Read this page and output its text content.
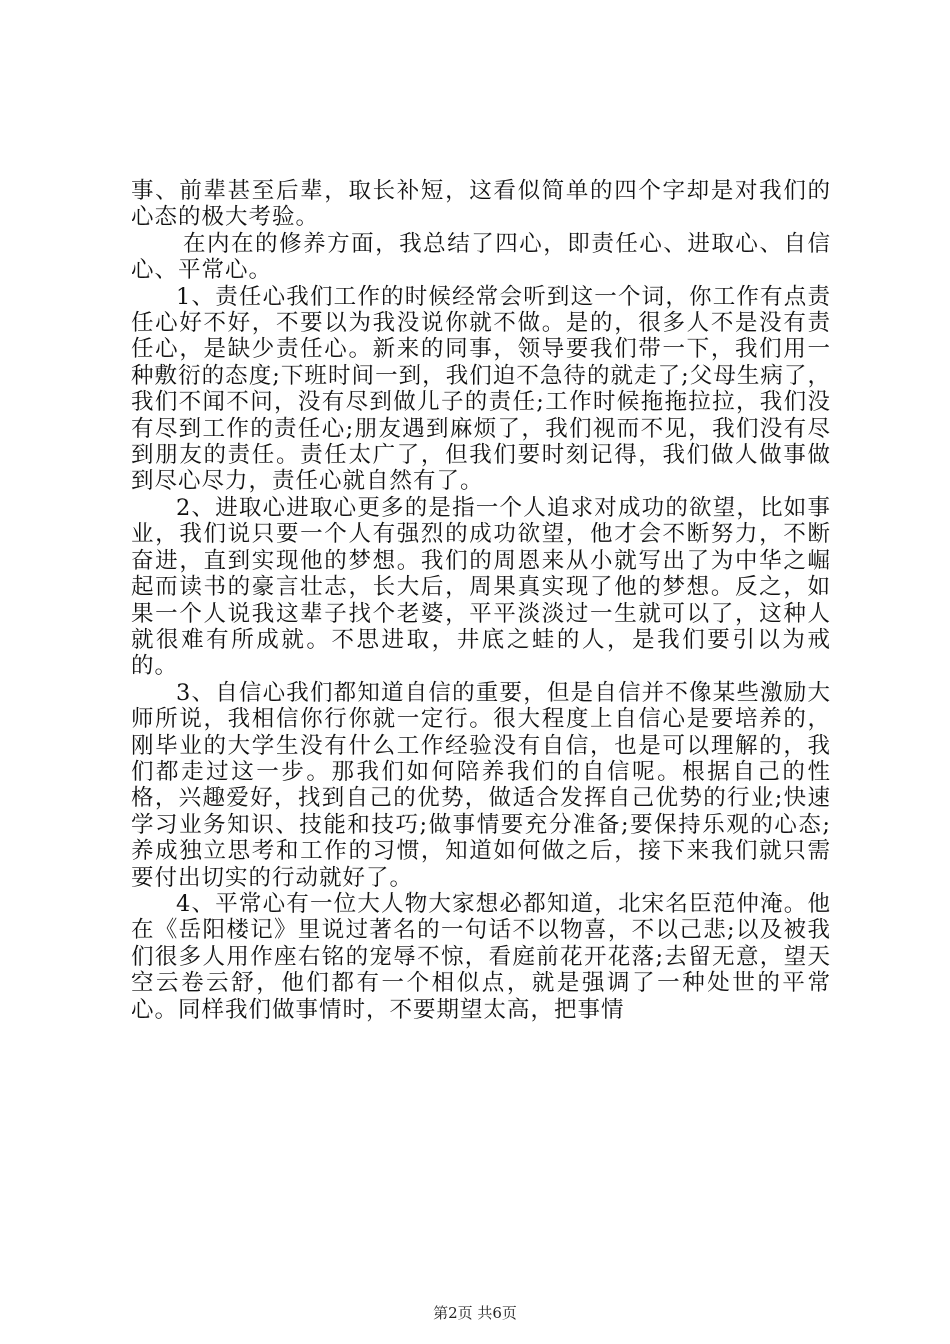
事、前辈甚至后辈，取长补短，这看似简单的四个字却是对我们的心态的极大考验。

在内在的修养方面，我总结了四心，即责任心、进取心、自信心、平常心。

1、责任心我们工作的时候经常会听到这一个词，你工作有点责任心好不好，不要以为我没说你就不做。是的，很多人不是没有责任心，是缺少责任心。新来的同事，领导要我们带一下，我们用一种敷衍的态度;下班时间一到，我们迫不急待的就走了;父母生病了，我们不闻不问，没有尽到做儿子的责任;工作时候拖拖拉拉，我们没有尽到工作的责任心;朋友遇到麻烦了，我们视而不见，我们没有尽到朋友的责任。责任太广了，但我们要时刻记得，我们做人做事做到尽心尽力，责任心就自然有了。

2、进取心进取心更多的是指一个人追求对成功的欲望，比如事业，我们说只要一个人有强烈的成功欲望，他才会不断努力，不断奋进，直到实现他的梦想。我们的周恩来从小就写出了为中华之崛起而读书的豪言壮志，长大后，周果真实现了他的梦想。反之，如果一个人说我这辈子找个老婆，平平淡淡过一生就可以了，这种人就很难有所成就。不思进取，井底之蛙的人，是我们要引以为戒的。

3、自信心我们都知道自信的重要，但是自信并不像某些激励大师所说，我相信你行你就一定行。很大程度上自信心是要培养的，刚毕业的大学生没有什么工作经验没有自信，也是可以理解的，我们都走过这一步。那我们如何陪养我们的自信呢。根据自己的性格，兴趣爱好，找到自己的优势，做适合发挥自己优势的行业;快速学习业务知识、技能和技巧;做事情要充分准备;要保持乐观的心态;养成独立思考和工作的习惯，知道如何做之后，接下来我们就只需要付出切实的行动就好了。

4、平常心有一位大人物大家想必都知道，北宋名臣范仲淹。他在《岳阳楼记》里说过著名的一句话不以物喜，不以己悲;以及被我们很多人用作座右铭的宠辱不惊，看庭前花开花落;去留无意，望天空云卷云舒，他们都有一个相似点，就是强调了一种处世的平常心。同样我们做事情时，不要期望太高，把事情

第2页 共6页
